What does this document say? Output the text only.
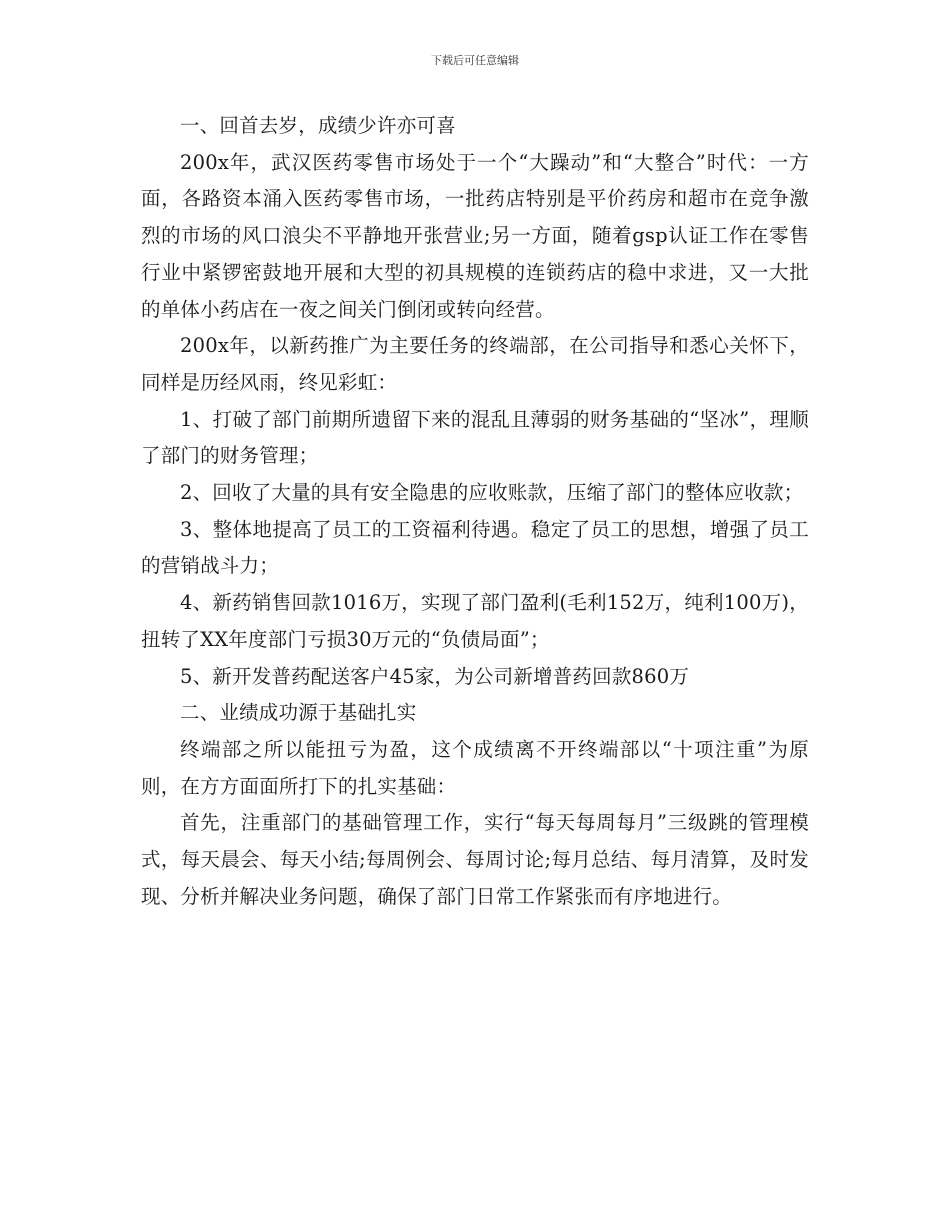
下载后可任意编辑

一、回首去岁，成绩少许亦可喜

200x年，武汉医药零售市场处于一个“大躁动”和“大整合”时代：一方面，各路资本涌入医药零售市场，一批药店特别是平价药房和超市在竞争激烈的市场的风口浪尖不平静地开张营业;另一方面，随着gsp认证工作在零售行业中紧锣密鼓地开展和大型的初具规模的连锁药店的稳中求进，又一大批的单体小药店在一夜之间关门倒闭或转向经营。

200x年，以新药推广为主要任务的终端部，在公司指导和悉心关怀下，同样是历经风雨，终见彩虹：

1、打破了部门前期所遗留下来的混乱且薄弱的财务基础的“坚冰”，理顺了部门的财务管理；

2、回收了大量的具有安全隐患的应收账款，压缩了部门的整体应收款；

3、整体地提高了员工的工资福利待遇。稳定了员工的思想，增强了员工的营销战斗力；

4、新药销售回款1016万，实现了部门盈利(毛利152万，纯利100万)，扭转了XX年度部门亏损30万元的“负债局面”；

5、新开发普药配送客户45家，为公司新增普药回款860万

二、业绩成功源于基础扎实

终端部之所以能扭亏为盈，这个成绩离不开终端部以“十项注重”为原则，在方方面面所打下的扎实基础：

首先，注重部门的基础管理工作，实行“每天每周每月”三级跳的管理模式，每天晨会、每天小结;每周例会、每周讨论;每月总结、每月清算，及时发现、分析并解决业务问题，确保了部门日常工作紧张而有序地进行。
